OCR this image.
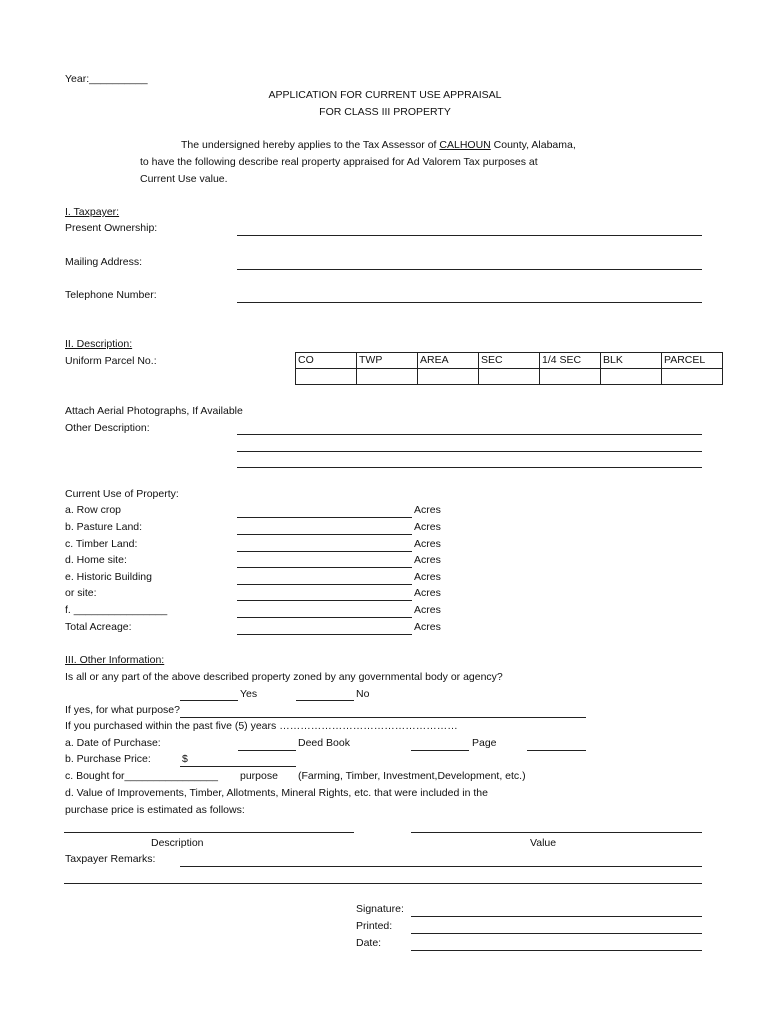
Year:__________
APPLICATION FOR CURRENT USE APPRAISAL
FOR CLASS III PROPERTY
The undersigned hereby applies to the Tax Assessor of CALHOUN County, Alabama,
to have the following describe real property appraised for Ad Valorem Tax purposes at
Current Use value.
I. Taxpayer:
Present Ownership:
Mailing Address:
Telephone Number:
II. Description:
Uniform Parcel No.:	CO	TWP	AREA	SEC	1/4 SEC	BLK	PARCEL

Attach Aerial Photographs, If Available
Other Description:
Current Use of Property:
a. Row crop	Acres
b. Pasture Land:	Acres
c. Timber Land:	Acres
d. Home site:	Acres
e. Historic Building	Acres
or site:	Acres
f. ________________	Acres
Total Acreage:	Acres
III. Other Information:
Is all or any part of the above described property zoned by any governmental body or agency?
Yes	No
If yes, for what purpose?
If you purchased within the past five (5) years ……………………………………………
a. Date of Purchase:	Deed Book	Page
b. Purchase Price:	$
c. Bought for________________ purpose (Farming, Timber, Investment,Development, etc.)
d. Value of Improvements, Timber, Allotments, Mineral Rights, etc. that were included in the
purchase price is estimated as follows:
Description	Value
Taxpayer Remarks:
Signature:
Printed:
Date:
